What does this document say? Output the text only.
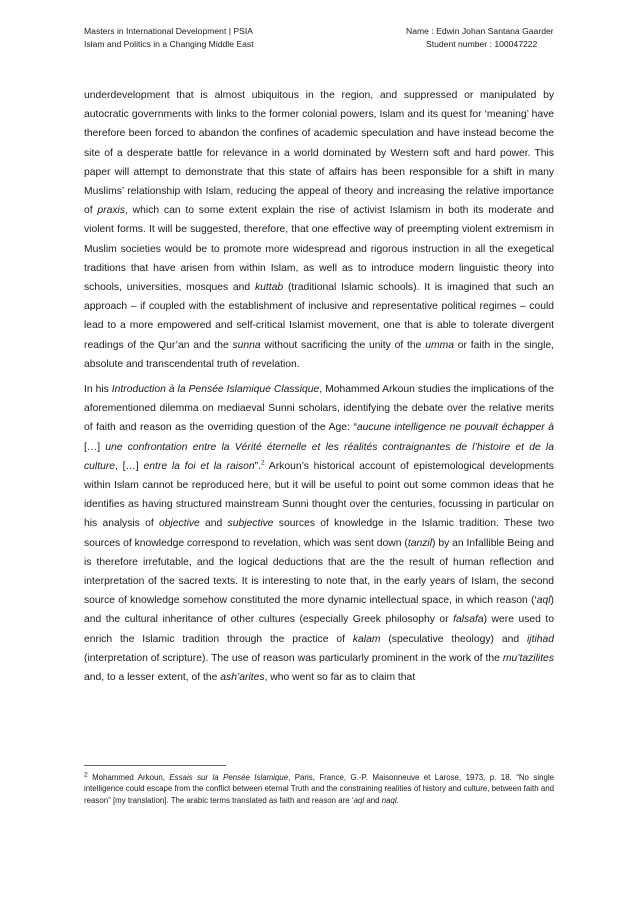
Masters in International Development | PSIA
Islam and Politics in a Changing Middle East
Name : Edwin Johan Santana Gaarder
Student number : 100047222

underdevelopment that is almost ubiquitous in the region, and suppressed or manipulated by autocratic governments with links to the former colonial powers, Islam and its quest for ‘meaning’ have therefore been forced to abandon the confines of academic speculation and have instead become the site of a desperate battle for relevance in a world dominated by Western soft and hard power. This paper will attempt to demonstrate that this state of affairs has been responsible for a shift in many Muslims’ relationship with Islam, reducing the appeal of theory and increasing the relative importance of praxis, which can to some extent explain the rise of activist Islamism in both its moderate and violent forms. It will be suggested, therefore, that one effective way of preempting violent extremism in Muslim societies would be to promote more widespread and rigorous instruction in all the exegetical traditions that have arisen from within Islam, as well as to introduce modern linguistic theory into schools, universities, mosques and kuttab (traditional Islamic schools). It is imagined that such an approach – if coupled with the establishment of inclusive and representative political regimes – could lead to a more empowered and self-critical Islamist movement, one that is able to tolerate divergent readings of the Qur’an and the sunna without sacrificing the unity of the umma or faith in the single, absolute and transcendental truth of revelation.

In his Introduction à la Pensée Islamique Classique, Mohammed Arkoun studies the implications of the aforementioned dilemma on mediaeval Sunni scholars, identifying the debate over the relative merits of faith and reason as the overriding question of the Age: “aucune intelligence ne pouvait échapper à […] une confrontation entre la Vérité éternelle et les réalités contraignantes de l’histoire et de la culture, […] entre la foi et la raison”.$^2$ Arkoun’s historical account of epistemological developments within Islam cannot be reproduced here, but it will be useful to point out some common ideas that he identifies as having structured mainstream Sunni thought over the centuries, focussing in particular on his analysis of objective and subjective sources of knowledge in the Islamic tradition. These two sources of knowledge correspond to revelation, which was sent down (tanzil) by an Infallible Being and is therefore irrefutable, and the logical deductions that are the the result of human reflection and interpretation of the sacred texts. It is interesting to note that, in the early years of Islam, the second source of knowledge somehow constituted the more dynamic intellectual space, in which reason (‘aql) and the cultural inheritance of other cultures (especially Greek philosophy or falsafa) were used to enrich the Islamic tradition through the practice of kalam (speculative theology) and ijtihad (interpretation of scripture). The use of reason was particularly prominent in the work of the mu’tazilites and, to a lesser extent, of the ash’arites, who went so far as to claim that

$^2$ Mohammed Arkoun, Essais sur la Pensée Islamique, Paris, France, G.-P. Maisonneuve et Larose, 1973, p. 18. “No single intelligence could escape from the conflict between eternal Truth and the constraining realities of history and culture, between faith and reason” [my translation]. The arabic terms translated as faith and reason are ‘aql and naql.
